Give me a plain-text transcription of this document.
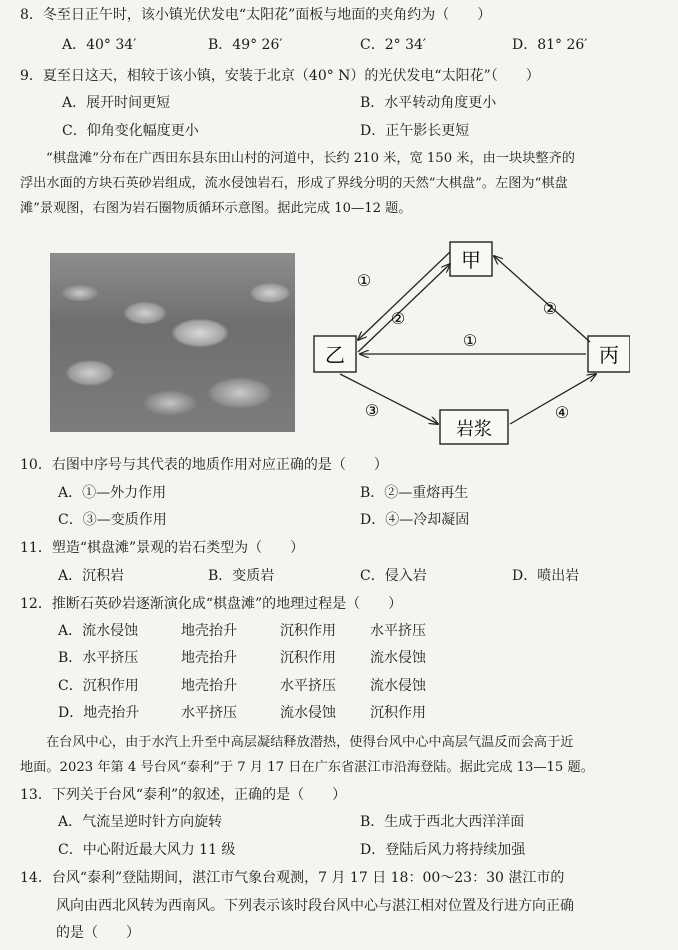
8．冬至日正午时，该小镇光伏发电“太阳花”面板与地面的夹角约为（　　）
A．40° 34′	B．49° 26′	C．2° 34′	D．81° 26′
9．夏至日这天，相较于该小镇，安装于北京（40° N）的光伏发电“太阳花”（　　）
A．展开时间更短	B．水平转动角度更小
C．仰角变化幅度更小	D．正午影长更短
“棋盘滩”分布在广西田东县东田山村的河道中，长约 210 米，宽 150 米，由一块块整齐的
浮出水面的方块石英砂岩组成，流水侵蚀岩石，形成了界线分明的天然“大棋盘”。左图为“棋盘
滩”景观图，右图为岩石圈物质循环示意图。据此完成 10—12 题。
甲
乙	丙
岩浆
①
②
②
①
③	④
10．右图中序号与其代表的地质作用对应正确的是（　　）
A．①—外力作用	B．②—重熔再生
C．③—变质作用	D．④—冷却凝固
11．塑造“棋盘滩”景观的岩石类型为（　　）
A．沉积岩	B．变质岩	C．侵入岩	D．喷出岩
12．推断石英砂岩逐渐演化成“棋盘滩”的地理过程是（　　）
A．流水侵蚀	地壳抬升	沉积作用 水平挤压
B．水平挤压	地壳抬升	沉积作用 流水侵蚀
C．沉积作用	地壳抬升	水平挤压 流水侵蚀
D．地壳抬升	水平挤压	流水侵蚀 沉积作用
在台风中心，由于水汽上升至中高层凝结释放潜热，使得台风中心中高层气温反而会高于近
地面。2023 年第 4 号台风“泰利”于 7 月 17 日在广东省湛江市沿海登陆。据此完成 13—15 题。
13．下列关于台风“泰利”的叙述，正确的是（　　）
A．气流呈逆时针方向旋转	B．生成于西北大西洋洋面
C．中心附近最大风力 11 级	D．登陆后风力将持续加强
14．台风“泰利”登陆期间，湛江市气象台观测，7 月 17 日 18：00～23：30 湛江市的
风向由西北风转为西南风。下列表示该时段台风中心与湛江相对位置及行进方向正确
的是（　　）
